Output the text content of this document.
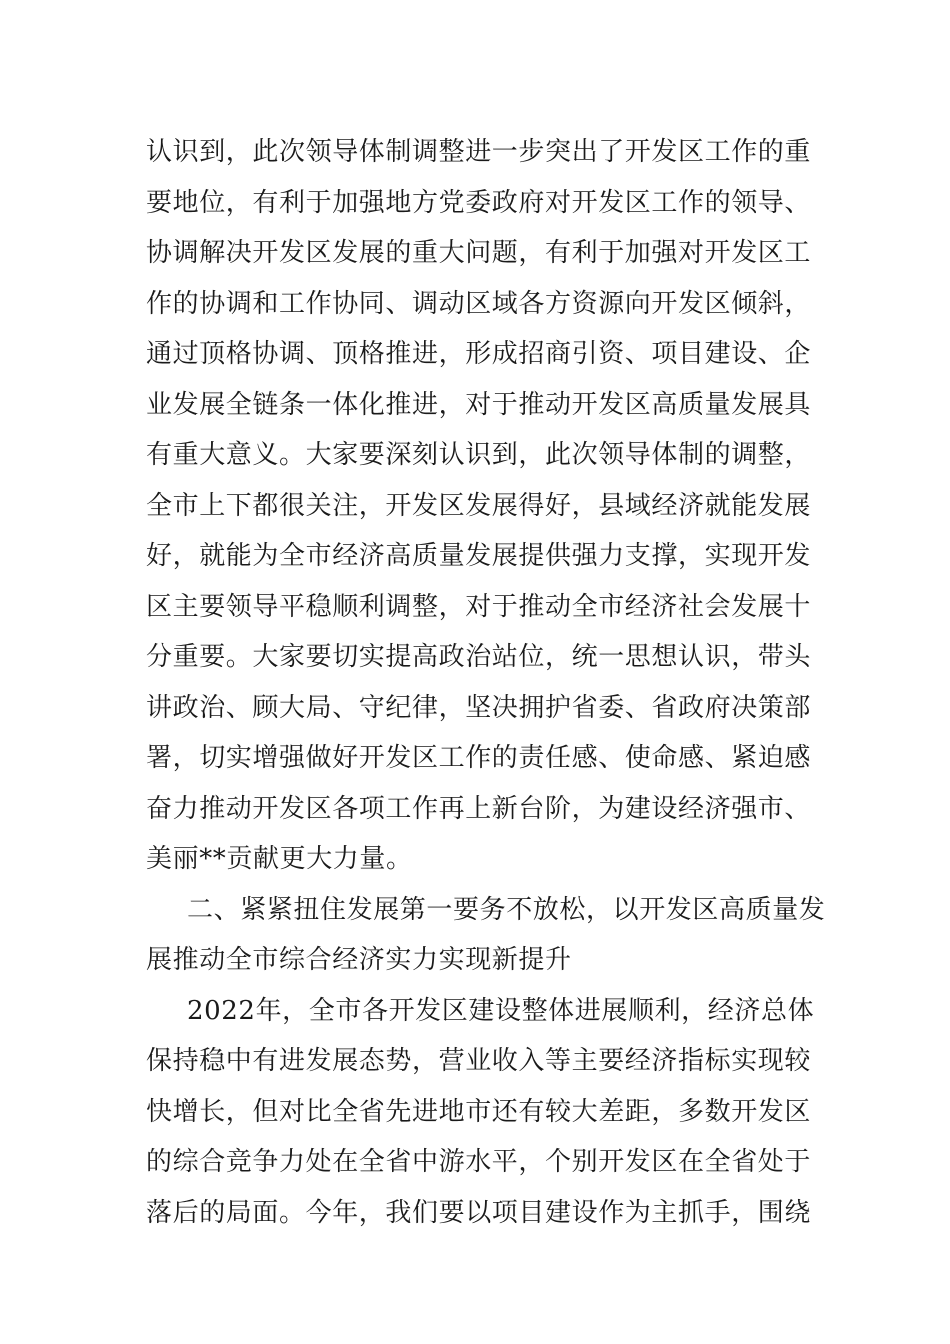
认识到，此次领导体制调整进一步突出了开发区工作的重
要地位，有利于加强地方党委政府对开发区工作的领导、
协调解决开发区发展的重大问题，有利于加强对开发区工
作的协调和工作协同、调动区域各方资源向开发区倾斜，
通过顶格协调、顶格推进，形成招商引资、项目建设、企
业发展全链条一体化推进，对于推动开发区高质量发展具
有重大意义。大家要深刻认识到，此次领导体制的调整，
全市上下都很关注，开发区发展得好，县域经济就能发展
好，就能为全市经济高质量发展提供强力支撑，实现开发
区主要领导平稳顺利调整，对于推动全市经济社会发展十
分重要。大家要切实提高政治站位，统一思想认识，带头
讲政治、顾大局、守纪律，坚决拥护省委、省政府决策部
署，切实增强做好开发区工作的责任感、使命感、紧迫感
奋力推动开发区各项工作再上新台阶，为建设经济强市、
美丽**贡献更大力量。
二、紧紧扭住发展第一要务不放松，以开发区高质量发
展推动全市综合经济实力实现新提升
2022年，全市各开发区建设整体进展顺利，经济总体
保持稳中有进发展态势，营业收入等主要经济指标实现较
快增长，但对比全省先进地市还有较大差距，多数开发区
的综合竞争力处在全省中游水平，个别开发区在全省处于
落后的局面。今年，我们要以项目建设作为主抓手，围绕
